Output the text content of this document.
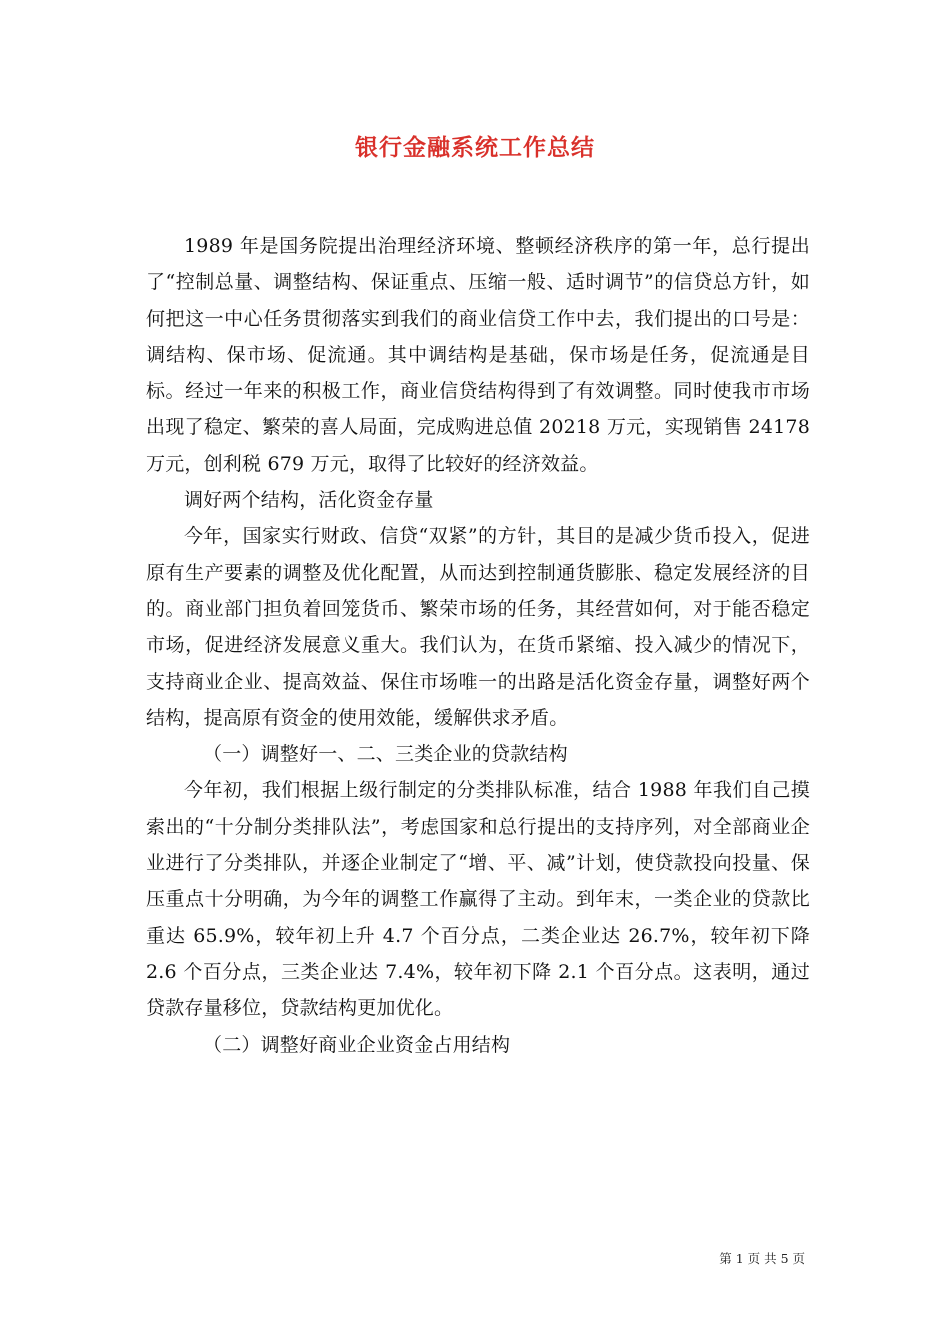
银行金融系统工作总结

1989 年是国务院提出治理经济环境、整顿经济秩序的第一年，总行提出了“控制总量、调整结构、保证重点、压缩一般、适时调节”的信贷总方针，如何把这一中心任务贯彻落实到我们的商业信贷工作中去，我们提出的口号是：调结构、保市场、促流通。其中调结构是基础，保市场是任务，促流通是目标。经过一年来的积极工作，商业信贷结构得到了有效调整。同时使我市市场出现了稳定、繁荣的喜人局面，完成购进总值 20218 万元，实现销售 24178 万元，创利税 679 万元，取得了比较好的经济效益。

调好两个结构，活化资金存量

今年，国家实行财政、信贷“双紧”的方针，其目的是减少货币投入，促进原有生产要素的调整及优化配置，从而达到控制通货膨胀、稳定发展经济的目的。商业部门担负着回笼货币、繁荣市场的任务，其经营如何，对于能否稳定市场，促进经济发展意义重大。我们认为，在货币紧缩、投入减少的情况下，支持商业企业、提高效益、保住市场唯一的出路是活化资金存量，调整好两个结构，提高原有资金的使用效能，缓解供求矛盾。

（一）调整好一、二、三类企业的贷款结构

今年初，我们根据上级行制定的分类排队标准，结合 1988 年我们自己摸索出的“十分制分类排队法”，考虑国家和总行提出的支持序列，对全部商业企业进行了分类排队，并逐企业制定了“增、平、减”计划，使贷款投向投量、保压重点十分明确，为今年的调整工作赢得了主动。到年末，一类企业的贷款比重达 65.9%，较年初上升 4.7 个百分点，二类企业达 26.7%，较年初下降 2.6 个百分点，三类企业达 7.4%，较年初下降 2.1 个百分点。这表明，通过贷款存量移位，贷款结构更加优化。

（二）调整好商业企业资金占用结构

第 1 页 共 5 页
